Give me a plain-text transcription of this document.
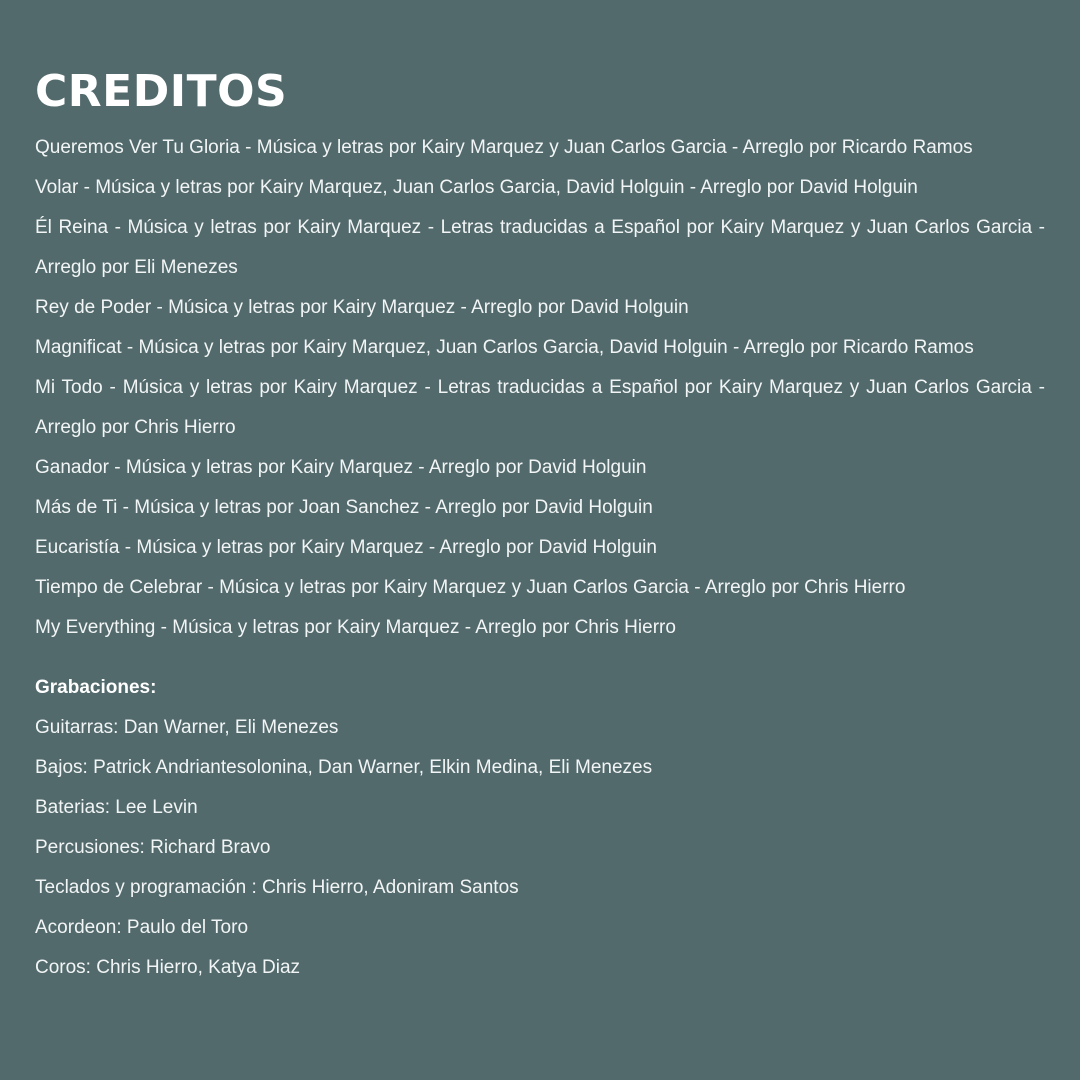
CREDITOS

Queremos Ver Tu Gloria - Música y letras por Kairy Marquez y Juan Carlos Garcia - Arreglo por Ricardo Ramos

Volar - Música y letras por Kairy Marquez, Juan Carlos Garcia, David Holguin - Arreglo por David Holguin

Él Reina - Música y letras por Kairy Marquez - Letras traducidas a Español por Kairy Marquez y Juan Carlos Garcia - Arreglo por Eli Menezes

Rey de Poder - Música y letras por Kairy Marquez - Arreglo por David Holguin

Magnificat - Música y letras por Kairy Marquez, Juan Carlos Garcia, David Holguin - Arreglo por Ricardo Ramos

Mi Todo - Música y letras por Kairy Marquez - Letras traducidas a Español por Kairy Marquez y Juan Carlos Garcia - Arreglo por Chris Hierro

Ganador - Música y letras por Kairy Marquez - Arreglo por David Holguin

Más de Ti - Música y letras por Joan Sanchez - Arreglo por David Holguin

Eucaristía - Música y letras por Kairy Marquez - Arreglo por David Holguin

Tiempo de Celebrar - Música y letras por Kairy Marquez y Juan Carlos Garcia - Arreglo por Chris Hierro

My Everything - Música y letras por Kairy Marquez - Arreglo por Chris Hierro

Grabaciones:

Guitarras: Dan Warner, Eli Menezes

Bajos: Patrick Andriantesolonina, Dan Warner, Elkin Medina, Eli Menezes

Baterias: Lee Levin

Percusiones: Richard Bravo

Teclados y programación : Chris Hierro, Adoniram Santos

Acordeon: Paulo del Toro

Coros: Chris Hierro, Katya Diaz
